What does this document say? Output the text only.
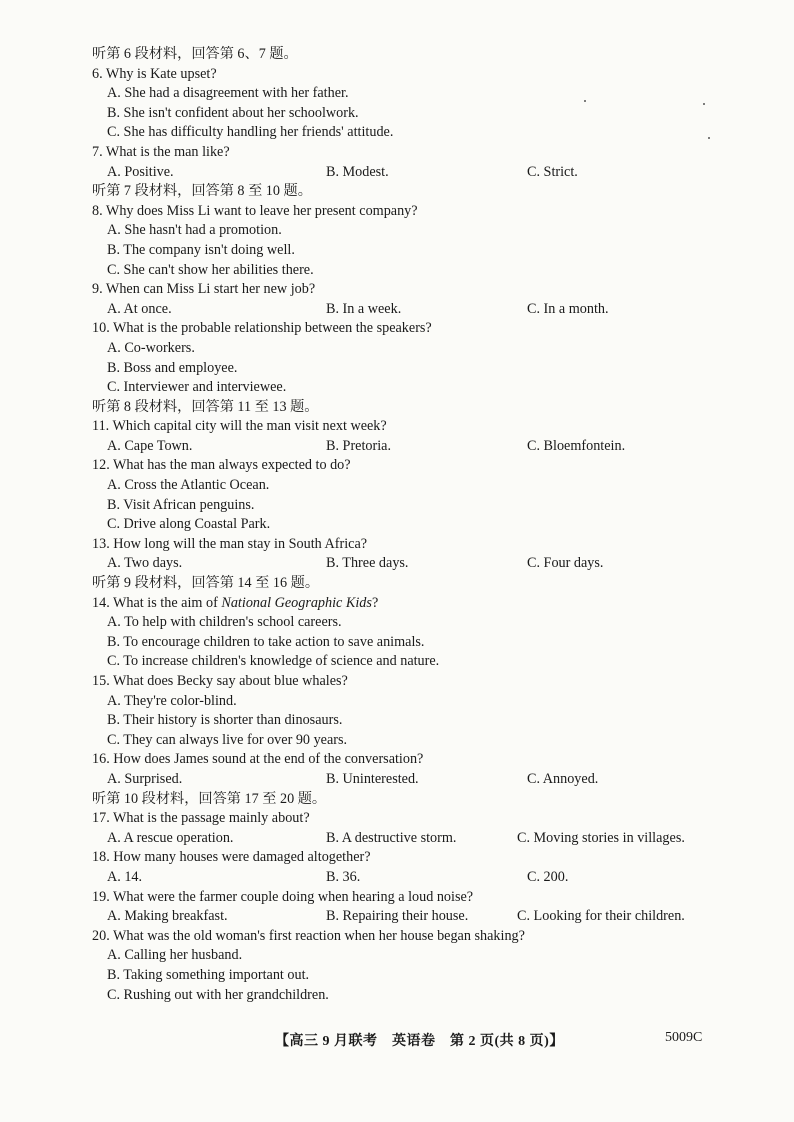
听第 6 段材料，回答第 6、7 题。
6. Why is Kate upset?
A. She had a disagreement with her father.
B. She isn't confident about her schoolwork.
C. She has difficulty handling her friends' attitude.
7. What is the man like?
A. Positive.	B. Modest.	C. Strict.
听第 7 段材料，回答第 8 至 10 题。
8. Why does Miss Li want to leave her present company?
A. She hasn't had a promotion.
B. The company isn't doing well.
C. She can't show her abilities there.
9. When can Miss Li start her new job?
A. At once.	B. In a week.	C. In a month.
10. What is the probable relationship between the speakers?
A. Co-workers.
B. Boss and employee.
C. Interviewer and interviewee.
听第 8 段材料，回答第 11 至 13 题。
11. Which capital city will the man visit next week?
A. Cape Town.	B. Pretoria.	C. Bloemfontein.
12. What has the man always expected to do?
A. Cross the Atlantic Ocean.
B. Visit African penguins.
C. Drive along Coastal Park.
13. How long will the man stay in South Africa?
A. Two days.	B. Three days.	C. Four days.
听第 9 段材料，回答第 14 至 16 题。
14. What is the aim of National Geographic Kids?
A. To help with children's school careers.
B. To encourage children to take action to save animals.
C. To increase children's knowledge of science and nature.
15. What does Becky say about blue whales?
A. They're color-blind.
B. Their history is shorter than dinosaurs.
C. They can always live for over 90 years.
16. How does James sound at the end of the conversation?
A. Surprised.	B. Uninterested.	C. Annoyed.
听第 10 段材料，回答第 17 至 20 题。
17. What is the passage mainly about?
A. A rescue operation.	B. A destructive storm.	C. Moving stories in villages.
18. How many houses were damaged altogether?
A. 14.	B. 36.	C. 200.
19. What were the farmer couple doing when hearing a loud noise?
A. Making breakfast.	B. Repairing their house.	C. Looking for their children.
20. What was the old woman's first reaction when her house began shaking?
A. Calling her husband.
B. Taking something important out.
C. Rushing out with her grandchildren.
【高三 9 月联考　英语卷　第 2 页(共 8 页)】	5009C
